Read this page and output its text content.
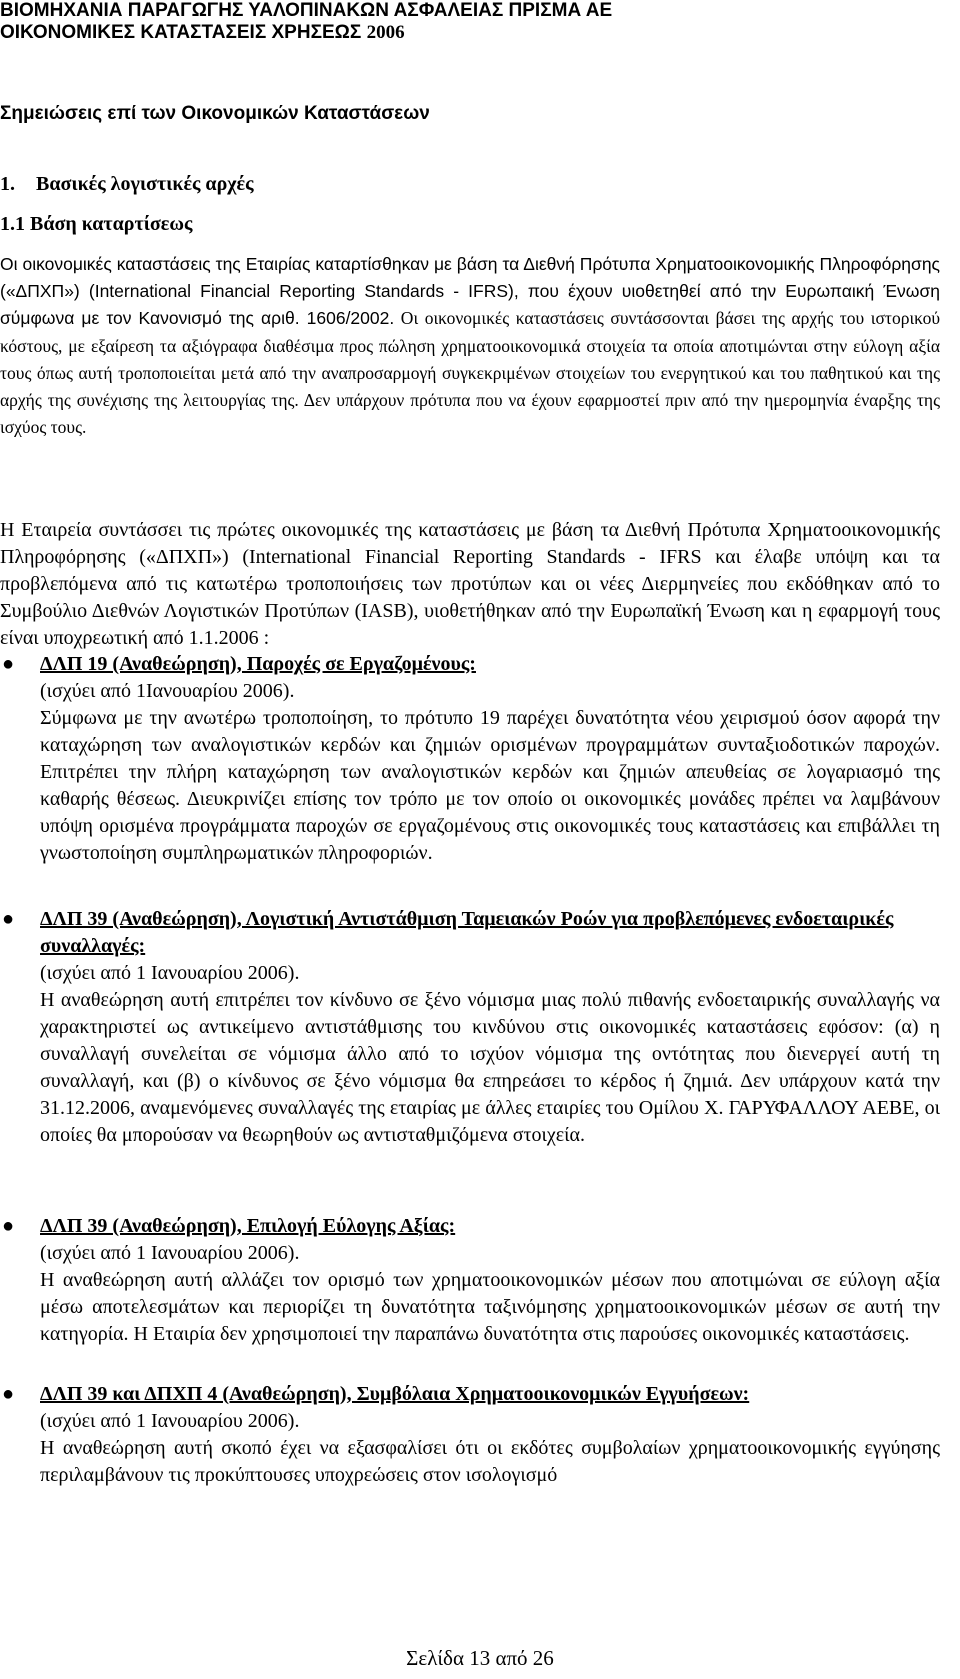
ΒΙΟΜΗΧΑΝΙΑ ΠΑΡΑΓΩΓΗΣ ΥΑΛΟΠΙΝΑΚΩΝ ΑΣΦΑΛΕΙΑΣ ΠΡΙΣΜΑ ΑΕ
ΟΙΚΟΝΟΜΙΚΕΣ ΚΑΤΑΣΤΑΣΕΙΣ ΧΡΗΣΕΩΣ 2006
Σημειώσεις επί των Οικονομικών Καταστάσεων
1. Βασικές λογιστικές αρχές
1.1 Βάση καταρτίσεως
Οι οικονομικές καταστάσεις της Εταιρίας καταρτίσθηκαν με βάση τα Διεθνή Πρότυπα Χρηματοοικονομικής Πληροφόρησης («ΔΠΧΠ») (International Financial Reporting Standards - IFRS), που έχουν υιοθετηθεί από την Ευρωπαική Ένωση σύμφωνα με τον Κανονισμό της αριθ. 1606/2002. Οι οικονομικές καταστάσεις συντάσσονται βάσει της αρχής του ιστορικού κόστους, με εξαίρεση τα αξιόγραφα διαθέσιμα προς πώληση χρηματοοικονομικά στοιχεία τα οποία αποτιμώνται στην εύλογη αξία τους όπως αυτή τροποποιείται μετά από την αναπροσαρμογή συγκεκριμένων στοιχείων του ενεργητικού και του παθητικού και της αρχής της συνέχισης της λειτουργίας της. Δεν υπάρχουν πρότυπα που να έχουν εφαρμοστεί πριν από την ημερομηνία έναρξης της ισχύος τους.
Η Εταιρεία συντάσσει τις πρώτες οικονομικές της καταστάσεις με βάση τα Διεθνή Πρότυπα Χρηματοοικονομικής Πληροφόρησης («ΔΠΧΠ») (International Financial Reporting Standards - IFRS και έλαβε υπόψη και τα προβλεπόμενα από τις κατωτέρω τροποποιήσεις των προτύπων και οι νέες Διερμηνείες που εκδόθηκαν από το Συμβούλιο Διεθνών Λογιστικών Προτύπων (IASB), υιοθετήθηκαν από την Ευρωπαϊκή Ένωση και η εφαρμογή τους είναι υποχρεωτική από 1.1.2006 :
● ΔΛΠ 19 (Αναθεώρηση), Παροχές σε Εργαζομένους:
(ισχύει από 1Ιανουαρίου 2006).
Σύμφωνα με την ανωτέρω τροποποίηση, το πρότυπο 19 παρέχει δυνατότητα νέου χειρισμού όσον αφορά την καταχώρηση των αναλογιστικών κερδών και ζημιών ορισμένων προγραμμάτων συνταξιοδοτικών παροχών. Επιτρέπει την πλήρη καταχώρηση των αναλογιστικών κερδών και ζημιών απευθείας σε λογαριασμό της καθαρής θέσεως. Διευκρινίζει επίσης τον τρόπο με τον οποίο οι οικονομικές μονάδες πρέπει να λαμβάνουν υπόψη ορισμένα προγράμματα παροχών σε εργαζομένους στις οικονομικές τους καταστάσεις και επιβάλλει τη γνωστοποίηση συμπληρωματικών πληροφοριών.
● ΔΛΠ 39 (Αναθεώρηση), Λογιστική Αντιστάθμιση Ταμειακών Ροών για προβλεπόμενες ενδοεταιρικές συναλλαγές:
(ισχύει από 1 Ιανουαρίου 2006).
Η αναθεώρηση αυτή επιτρέπει τον κίνδυνο σε ξένο νόμισμα μιας πολύ πιθανής ενδοεταιρικής συναλλαγής να χαρακτηριστεί ως αντικείμενο αντιστάθμισης του κινδύνου στις οικονομικές καταστάσεις εφόσον: (α) η συναλλαγή συνελείται σε νόμισμα άλλο από το ισχύον νόμισμα της οντότητας που διενεργεί αυτή τη συναλλαγή, και (β) ο κίνδυνος σε ξένο νόμισμα θα επηρεάσει το κέρδος ή ζημιά. Δεν υπάρχουν κατά την 31.12.2006, αναμενόμενες συναλλαγές της εταιρίας με άλλες εταιρίες του Ομίλου Χ. ΓΑΡΥΦΑΛΛΟΥ ΑΕΒΕ, οι οποίες θα μπορούσαν να θεωρηθούν ως αντισταθμιζόμενα στοιχεία.
● ΔΛΠ 39 (Αναθεώρηση), Επιλογή Εύλογης Αξίας:
(ισχύει από 1 Ιανουαρίου 2006).
Η αναθεώρηση αυτή αλλάζει τον ορισμό των χρηματοοικονομικών μέσων που αποτιμώναι σε εύλογη αξία μέσω αποτελεσμάτων και περιορίζει τη δυνατότητα ταξινόμησης χρηματοοικονομικών μέσων σε αυτή την κατηγορία. Η Εταιρία δεν χρησιμοποιεί την παραπάνω δυνατότητα στις παρούσες οικονομικές καταστάσεις.
● ΔΛΠ 39 και ΔΠΧΠ 4 (Αναθεώρηση), Συμβόλαια Χρηματοοικονομικών Εγγυήσεων:
(ισχύει από 1 Ιανουαρίου 2006).
Η αναθεώρηση αυτή σκοπό έχει να εξασφαλίσει ότι οι εκδότες συμβολαίων χρηματοοικονομικής εγγύησης περιλαμβάνουν τις προκύπτουσες υποχρεώσεις στον ισολογισμό
Σελίδα 13 από 26
